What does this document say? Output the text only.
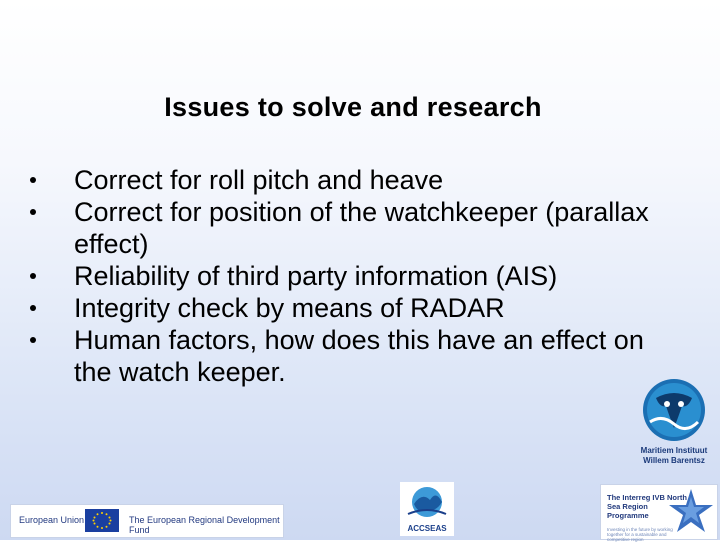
Issues to solve and research
Correct for roll pitch and heave
Correct for position of the watchkeeper (parallax effect)
Reliability of third party information (AIS)
Integrity check by means of RADAR
Human factors, how does this have an effect on the watch keeper.
Maritiem Instituut
Willem Barentsz
European Union	The European Regional Development Fund	ACCSEAS
The Interreg IVB North Sea Region Programme
Investing in the future by working together for a sustainable and competitive region
